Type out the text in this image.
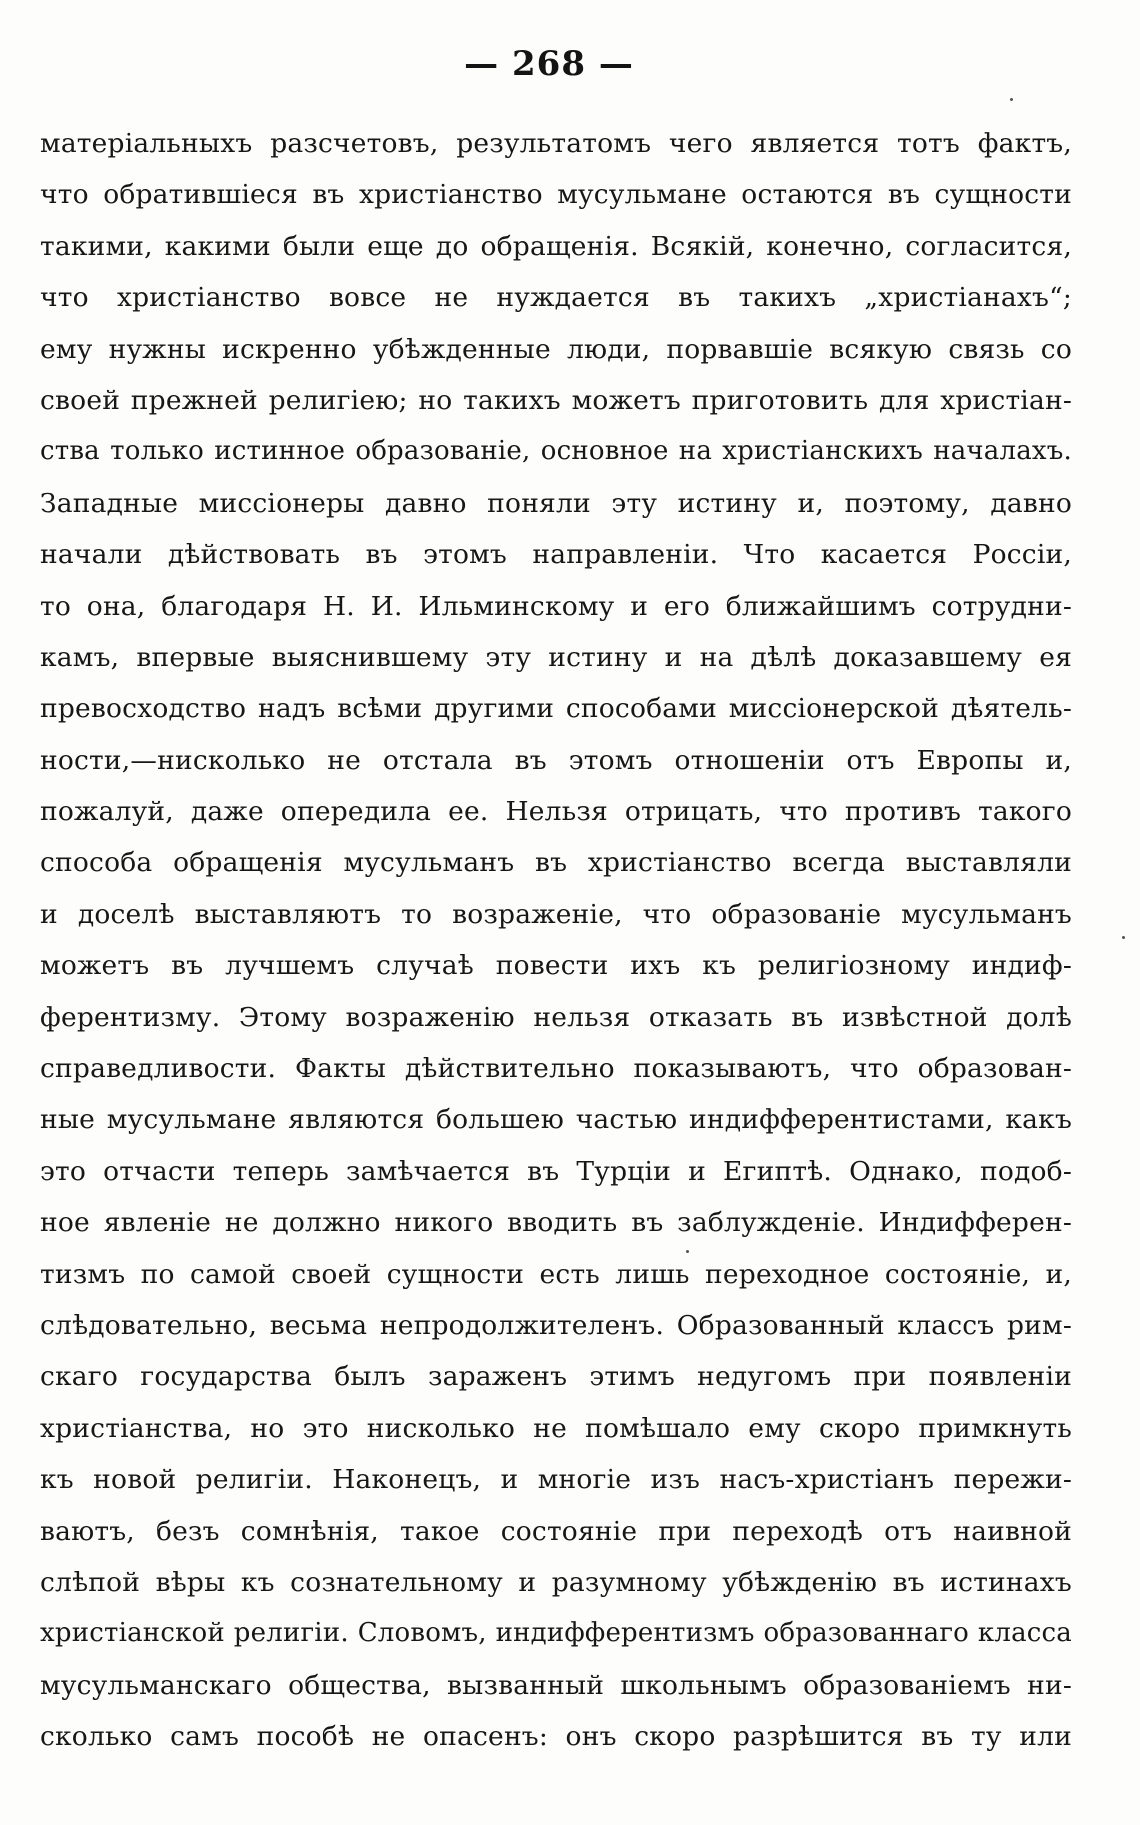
— 268 —
матеріальныхъ разсчетовъ, результатомъ чего является тотъ фактъ,
что обратившіеся въ христіанство мусульмане остаются въ сущности
такими, какими были еще до обращенія. Всякій, конечно, согласится,
что христіанство вовсе не нуждается въ такихъ „христіанахъ“;
ему нужны искренно убѣжденные люди, порвавшіе всякую связь со
своей прежней религіею; но такихъ можетъ приготовить для христіан-
ства только истинное образованіе, основное на христіанскихъ началахъ.
Западные миссіонеры давно поняли эту истину и, поэтому, давно
начали дѣйствовать въ этомъ направленіи. Что касается Россіи,
то она, благодаря Н. И. Ильминскому и его ближайшимъ сотрудни-
камъ, впервые выяснившему эту истину и на дѣлѣ доказавшему ея
превосходство надъ всѣми другими способами миссіонерской дѣятель-
ности,—нисколько не отстала въ этомъ отношеніи отъ Европы и,
пожалуй, даже опередила ее. Нельзя отрицать, что противъ такого
способа обращенія мусульманъ въ христіанство всегда выставляли
и доселѣ выставляютъ то возраженіе, что образованіе мусульманъ
можетъ въ лучшемъ случаѣ повести ихъ къ религіозному индиф-
ферентизму. Этому возраженію нельзя отказать въ извѣстной долѣ
справедливости. Факты дѣйствительно показываютъ, что образован-
ные мусульмане являются большею частью индифферентистами, какъ
это отчасти теперь замѣчается въ Турціи и Египтѣ. Однако, подоб-
ное явленіе не должно никого вводить въ заблужденіе. Индифферен-
тизмъ по самой своей сущности есть лишь переходное состояніе, и,
слѣдовательно, весьма непродолжителенъ. Образованный классъ рим-
скаго государства былъ зараженъ этимъ недугомъ при появленіи
христіанства, но это нисколько не помѣшало ему скоро примкнуть
къ новой религіи. Наконецъ, и многіе изъ насъ-христіанъ пережи-
ваютъ, безъ сомнѣнія, такое состояніе при переходѣ отъ наивной
слѣпой вѣры къ сознательному и разумному убѣжденію въ истинахъ
христіанской религіи. Словомъ, индифферентизмъ образованнаго класса
мусульманскаго общества, вызванный школьнымъ образованіемъ ни-
сколько самъ пособѣ не опасенъ: онъ скоро разрѣшится въ ту или
